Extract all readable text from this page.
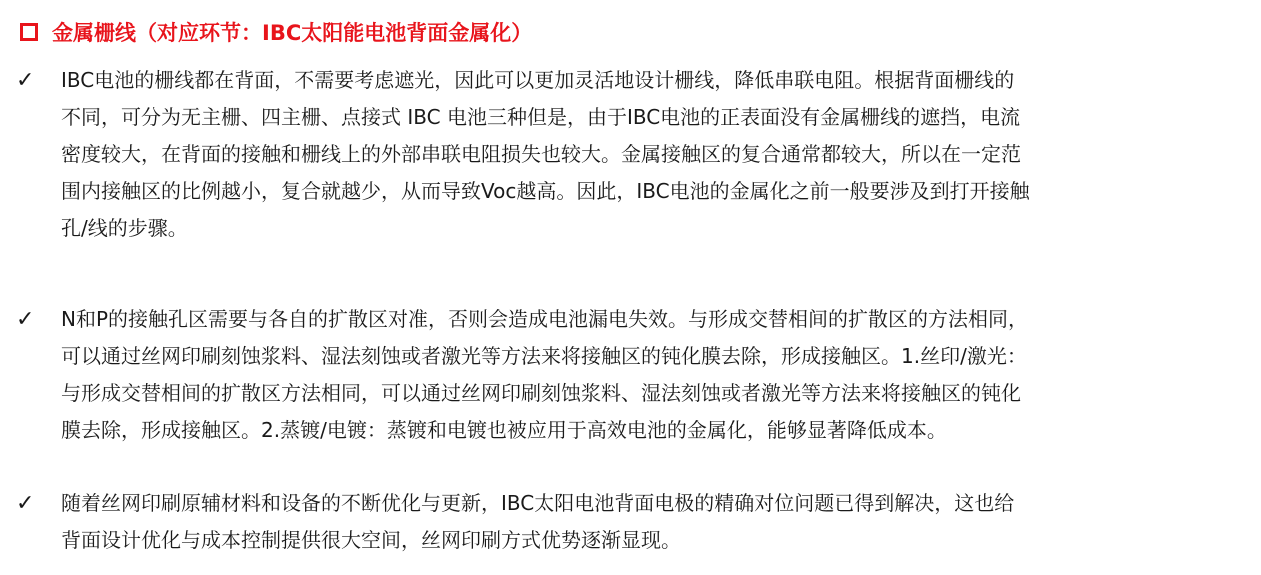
金属栅线（对应环节：IBC太阳能电池背面金属化）
✓ IBC电池的栅线都在背面，不需要考虑遮光，因此可以更加灵活地设计栅线，降低串联电阻。根据背面栅线的
不同，可分为无主栅、四主栅、点接式 IBC 电池三种但是，由于IBC电池的正表面没有金属栅线的遮挡，电流
密度较大，在背面的接触和栅线上的外部串联电阻损失也较大。金属接触区的复合通常都较大，所以在一定范
围内接触区的比例越小，复合就越少，从而导致Voc越高。因此，IBC电池的金属化之前一般要涉及到打开接触
孔/线的步骤。

✓ N和P的接触孔区需要与各自的扩散区对准，否则会造成电池漏电失效。与形成交替相间的扩散区的方法相同，
可以通过丝网印刷刻蚀浆料、湿法刻蚀或者激光等方法来将接触区的钝化膜去除，形成接触区。1.丝印/激光：
与形成交替相间的扩散区方法相同，可以通过丝网印刷刻蚀浆料、湿法刻蚀或者激光等方法来将接触区的钝化
膜去除，形成接触区。2.蒸镀/电镀：蒸镀和电镀也被应用于高效电池的金属化，能够显著降低成本。

✓ 随着丝网印刷原辅材料和设备的不断优化与更新，IBC太阳电池背面电极的精确对位问题已得到解决，这也给
背面设计优化与成本控制提供很大空间，丝网印刷方式优势逐渐显现。
